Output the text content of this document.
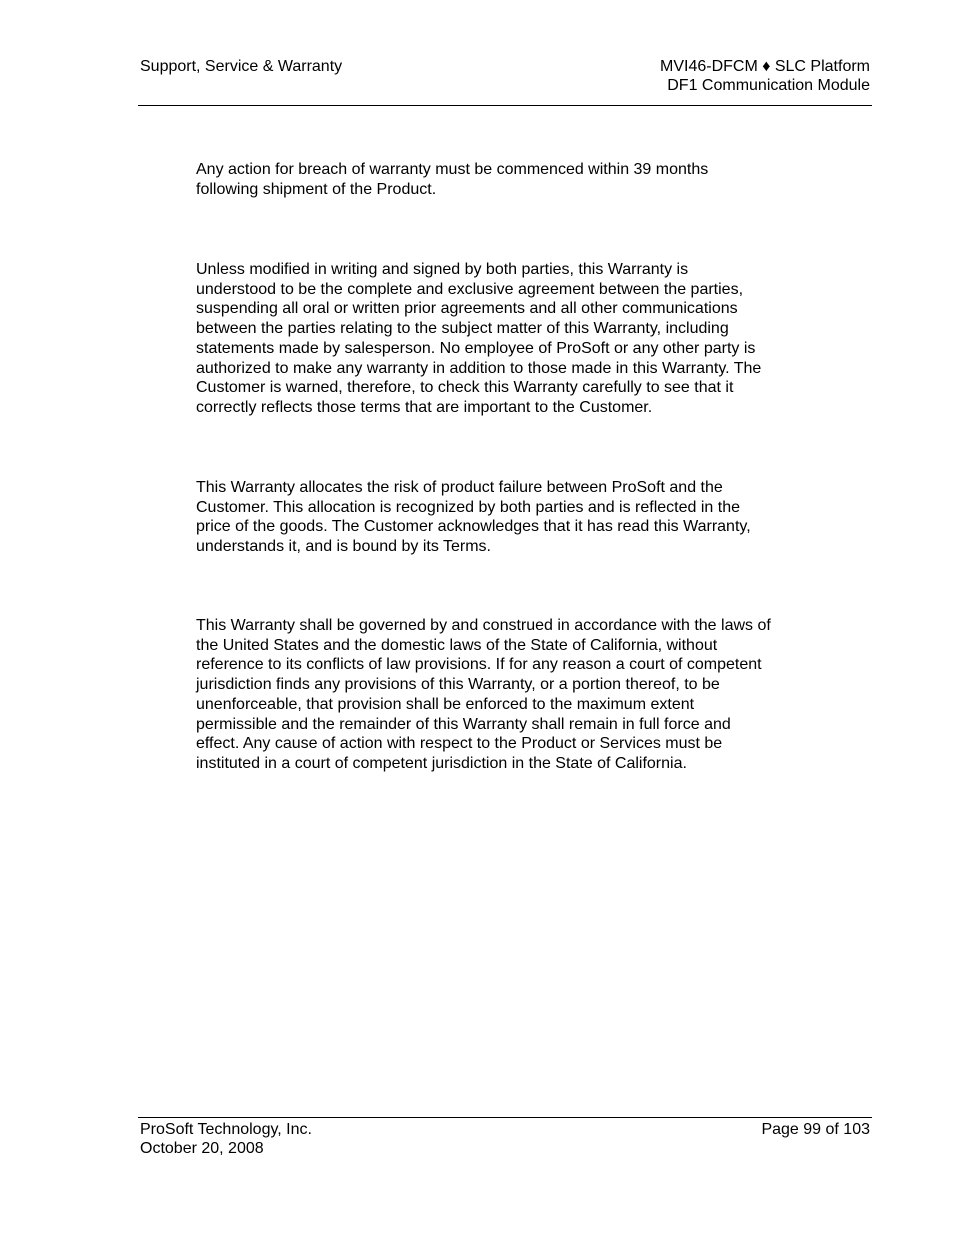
Support, Service & Warranty	MVI46-DFCM ♦ SLC Platform
DF1 Communication Module
Any action for breach of warranty must be commenced within 39 months
following shipment of the Product.
Unless modified in writing and signed by both parties, this Warranty is
understood to be the complete and exclusive agreement between the parties,
suspending all oral or written prior agreements and all other communications
between the parties relating to the subject matter of this Warranty, including
statements made by salesperson. No employee of ProSoft or any other party is
authorized to make any warranty in addition to those made in this Warranty. The
Customer is warned, therefore, to check this Warranty carefully to see that it
correctly reflects those terms that are important to the Customer.
This Warranty allocates the risk of product failure between ProSoft and the
Customer. This allocation is recognized by both parties and is reflected in the
price of the goods. The Customer acknowledges that it has read this Warranty,
understands it, and is bound by its Terms.
This Warranty shall be governed by and construed in accordance with the laws of
the United States and the domestic laws of the State of California, without
reference to its conflicts of law provisions. If for any reason a court of competent
jurisdiction finds any provisions of this Warranty, or a portion thereof, to be
unenforceable, that provision shall be enforced to the maximum extent
permissible and the remainder of this Warranty shall remain in full force and
effect. Any cause of action with respect to the Product or Services must be
instituted in a court of competent jurisdiction in the State of California.
ProSoft Technology, Inc.
October 20, 2008
Page 99 of 103
